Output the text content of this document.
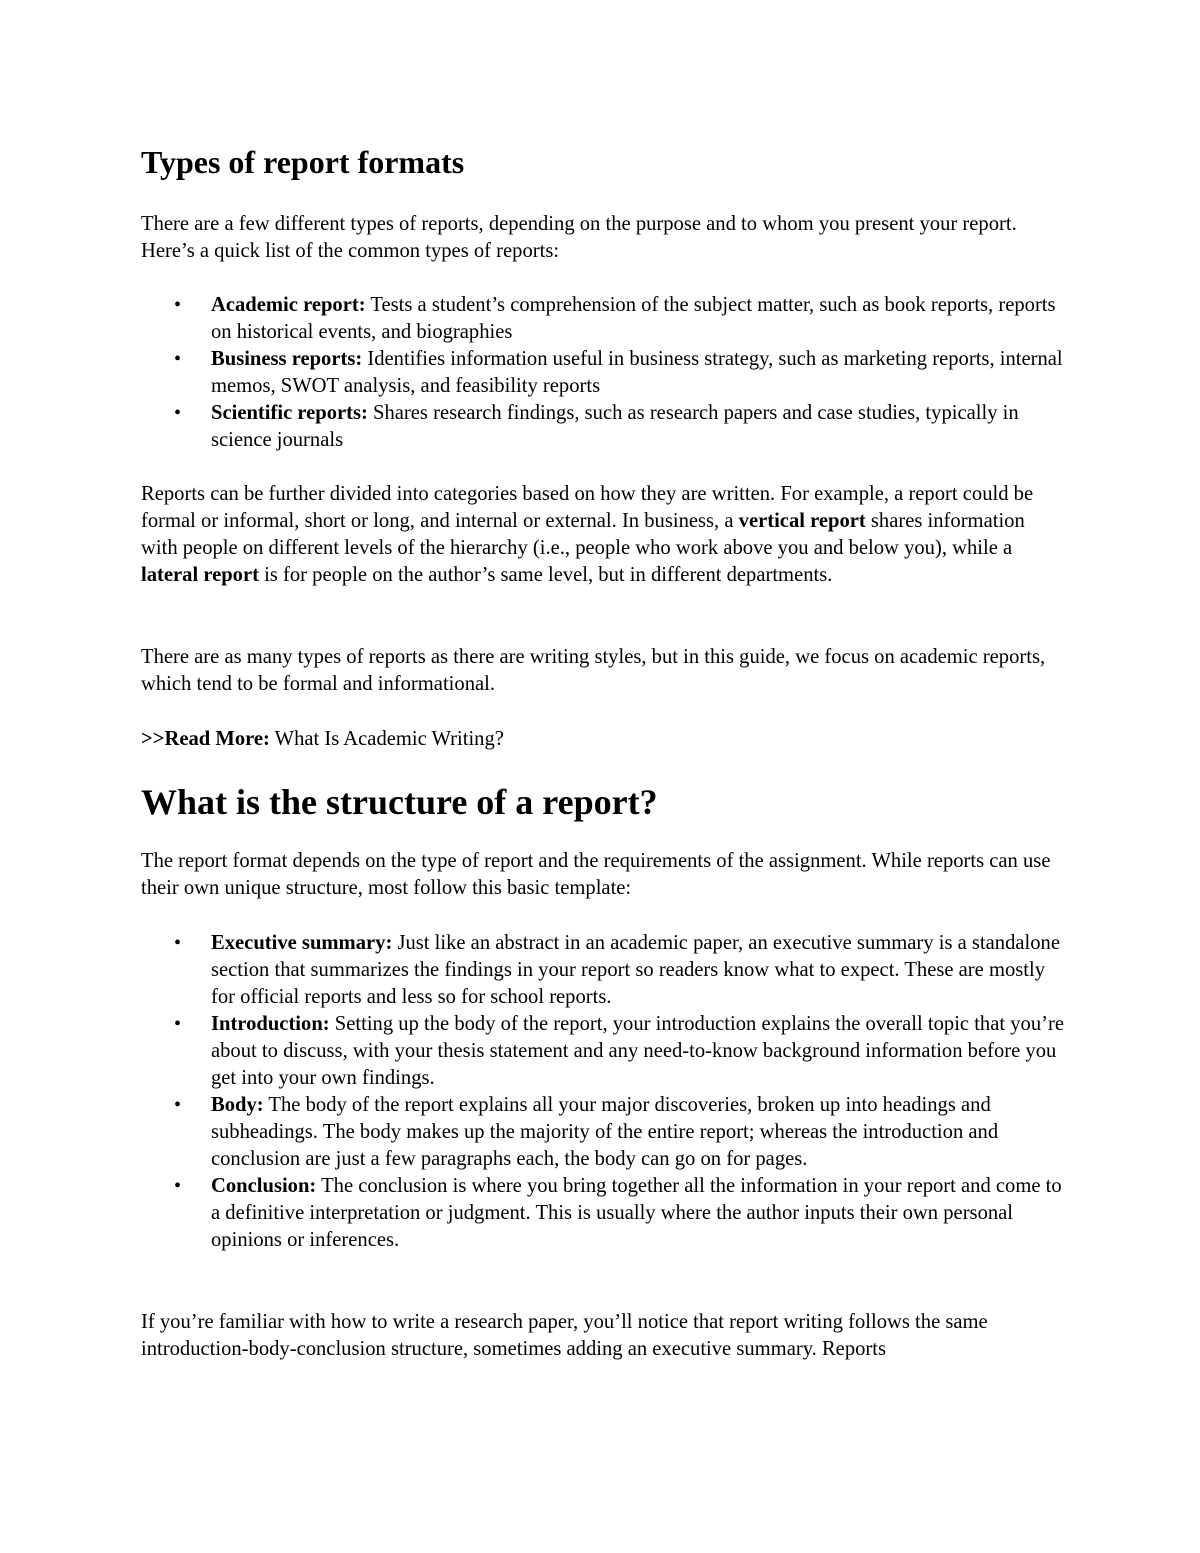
Types of report formats

There are a few different types of reports, depending on the purpose and to whom you present your report. Here’s a quick list of the common types of reports:

• Academic report: Tests a student’s comprehension of the subject matter, such as book reports, reports on historical events, and biographies
• Business reports: Identifies information useful in business strategy, such as marketing reports, internal memos, SWOT analysis, and feasibility reports
• Scientific reports: Shares research findings, such as research papers and case studies, typically in science journals

Reports can be further divided into categories based on how they are written. For example, a report could be formal or informal, short or long, and internal or external. In business, a vertical report shares information with people on different levels of the hierarchy (i.e., people who work above you and below you), while a lateral report is for people on the author’s same level, but in different departments.

There are as many types of reports as there are writing styles, but in this guide, we focus on academic reports, which tend to be formal and informational.

>>Read More: What Is Academic Writing?

What is the structure of a report?

The report format depends on the type of report and the requirements of the assignment. While reports can use their own unique structure, most follow this basic template:

• Executive summary: Just like an abstract in an academic paper, an executive summary is a standalone section that summarizes the findings in your report so readers know what to expect. These are mostly for official reports and less so for school reports.
• Introduction: Setting up the body of the report, your introduction explains the overall topic that you’re about to discuss, with your thesis statement and any need-to-know background information before you get into your own findings.
• Body: The body of the report explains all your major discoveries, broken up into headings and subheadings. The body makes up the majority of the entire report; whereas the introduction and conclusion are just a few paragraphs each, the body can go on for pages.
• Conclusion: The conclusion is where you bring together all the information in your report and come to a definitive interpretation or judgment. This is usually where the author inputs their own personal opinions or inferences.

If you’re familiar with how to write a research paper, you’ll notice that report writing follows the same introduction-body-conclusion structure, sometimes adding an executive summary. Reports
